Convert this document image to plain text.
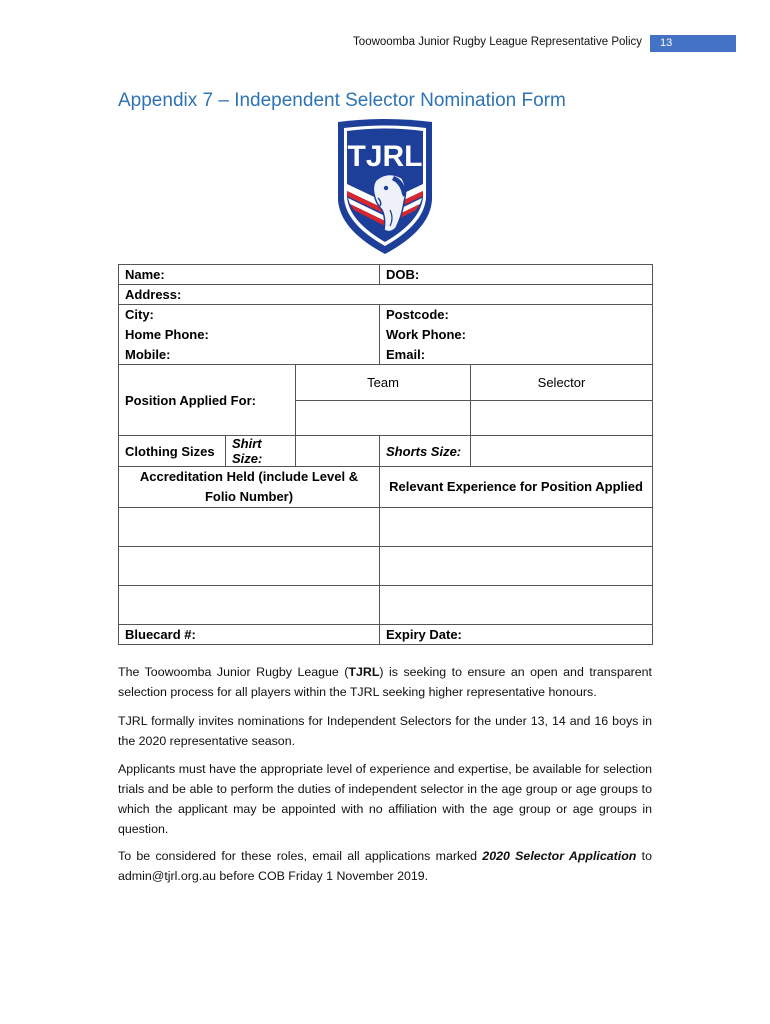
Toowoomba Junior Rugby League Representative Policy	13
Appendix 7 – Independent Selector Nomination Form
TJRL
Name:			DOB:	
Address:				
City:			Postcode:	
Home Phone:			Work Phone:	
Mobile:			Email:	
Position Applied For:		Team		Selector

Clothing Sizes	Shirt Size:		Shorts Size:	
Accreditation Held (include Level & Folio Number)			Relevant Experience for Position Applied	

Bluecard #:			Expiry Date:	

The Toowoomba Junior Rugby League (TJRL) is seeking to ensure an open and transparent selection process for all players within the TJRL seeking higher representative honours.

TJRL formally invites nominations for Independent Selectors for the under 13, 14 and 16 boys in the 2020 representative season.

Applicants must have the appropriate level of experience and expertise, be available for selection trials and be able to perform the duties of independent selector in the age group or age groups to which the applicant may be appointed with no affiliation with the age group or age groups in question.

To be considered for these roles, email all applications marked 2020 Selector Application to admin@tjrl.org.au before COB Friday 1 November 2019.
